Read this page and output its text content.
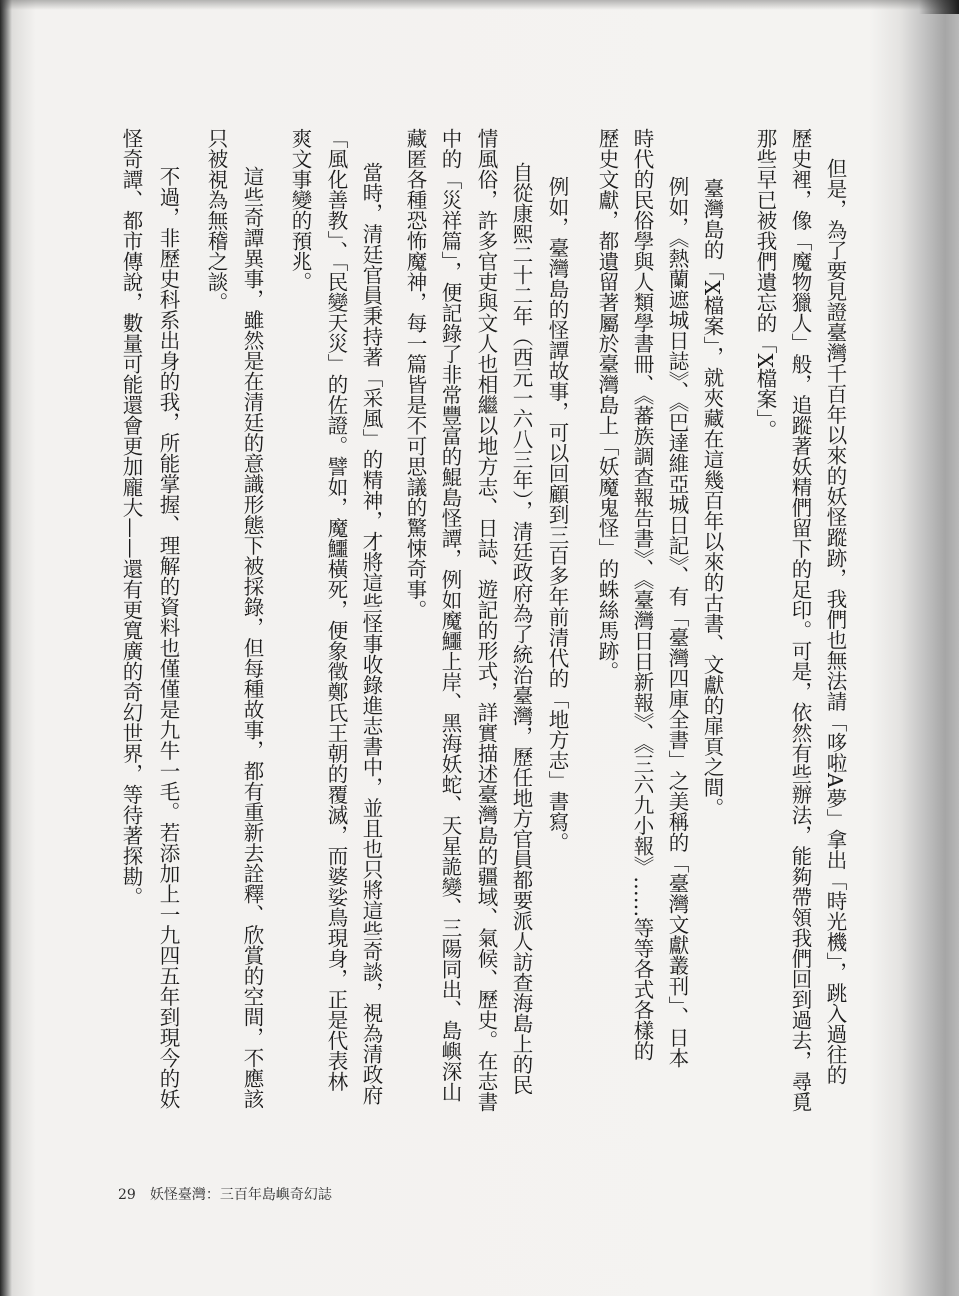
但是，為了要見證臺灣千百年以來的妖怪蹤跡，我們也無法請「哆啦A夢」拿出「時光機」，跳入過往的
歷史裡，像「魔物獵人」般，追蹤著妖精們留下的足印。可是，依然有些辦法，能夠帶領我們回到過去，尋覓
那些早已被我們遺忘的「X檔案」。
臺灣島的「X檔案」，就夾藏在這幾百年以來的古書、文獻的扉頁之間。
例如，《熱蘭遮城日誌》、《巴達維亞城日記》、有「臺灣四庫全書」之美稱的「臺灣文獻叢刊」、日本
時代的民俗學與人類學書冊、《蕃族調查報告書》、《臺灣日日新報》、《三六九小報》……等等各式各樣的
歷史文獻，都遺留著屬於臺灣島上「妖魔鬼怪」的蛛絲馬跡。
例如，臺灣島的怪譚故事，可以回顧到三百多年前清代的「地方志」書寫。
自從康熙二十二年（西元一六八三年），清廷政府為了統治臺灣，歷任地方官員都要派人訪查海島上的民
情風俗，許多官吏與文人也相繼以地方志、日誌、遊記的形式，詳實描述臺灣島的疆域、氣候、歷史。在志書
中的「災祥篇」，便記錄了非常豐富的鯤島怪譚，例如魔鱷上岸、黑海妖蛇、天星詭變、三陽同出、島嶼深山
藏匿各種恐怖魔神，每一篇皆是不可思議的驚悚奇事。
當時，清廷官員秉持著「采風」的精神，才將這些怪事收錄進志書中，並且也只將這些奇談，視為清政府
「風化善教」、「民變天災」的佐證。譬如，魔鱷橫死，便象徵鄭氏王朝的覆滅，而婆娑鳥現身，正是代表林
爽文事變的預兆。
這些奇譚異事，雖然是在清廷的意識形態下被採錄，但每種故事，都有重新去詮釋、欣賞的空間，不應該
只被視為無稽之談。
不過，非歷史科系出身的我，所能掌握、理解的資料也僅僅是九牛一毛。若添加上一九四五年到現今的妖
怪奇譚、都市傳說，數量可能還會更加龐大——還有更寬廣的奇幻世界，等待著探勘。
29 妖怪臺灣：三百年島嶼奇幻誌
